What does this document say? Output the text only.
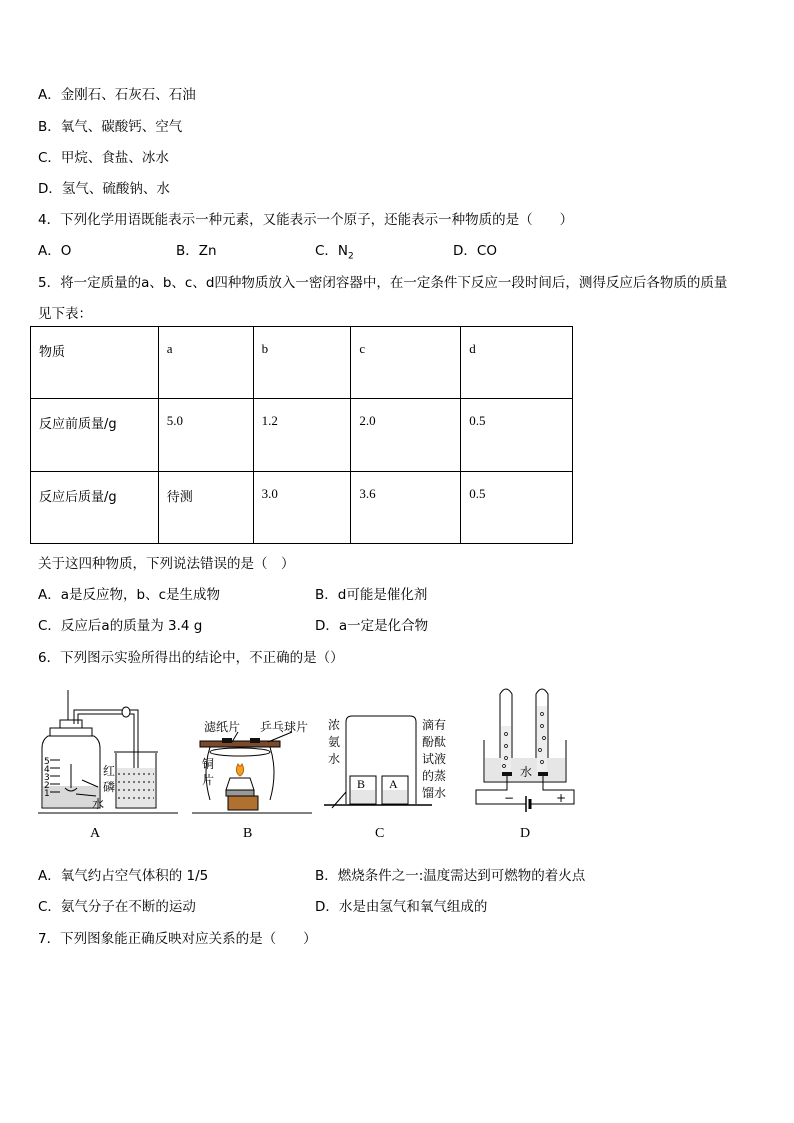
A．金刚石、石灰石、石油
B．氧气、碳酸钙、空气
C．甲烷、食盐、冰水
D．氢气、硫酸钠、水
4．下列化学用语既能表示一种元素，又能表示一个原子，还能表示一种物质的是（　　）
A．O	B．Zn	C．$N_2$	D．CO
5．将一定质量的a、b、c、d四种物质放入一密闭容器中，在一定条件下反应一段时间后，测得反应后各物质的质量
见下表：
物质	a	b	c	d
反应前质量/g	5.0	1.2	2.0	0.5
反应后质量/g	待测	3.0	3.6	0.5
关于这四种物质，下列说法错误的是（　）
A．a是反应物，b、c是生成物	B．d可能是催化剂
C．反应后a的质量为 3.4 g	D．a一定是化合物
6．下列图示实验所得出的结论中，不正确的是（）
5
4
3
2
1
红
磷
水
A
滤纸片 乒乓球片
铜
片
B
浓
氨
水
滴有
酚酞
试液
的蒸
馏水
B A
C
水
−	+
D
A．氧气约占空气体积的 1/5	B．燃烧条件之一:温度需达到可燃物的着火点
C．氨气分子在不断的运动	D．水是由氢气和氧气组成的
7．下列图象能正确反映对应关系的是（　　）
